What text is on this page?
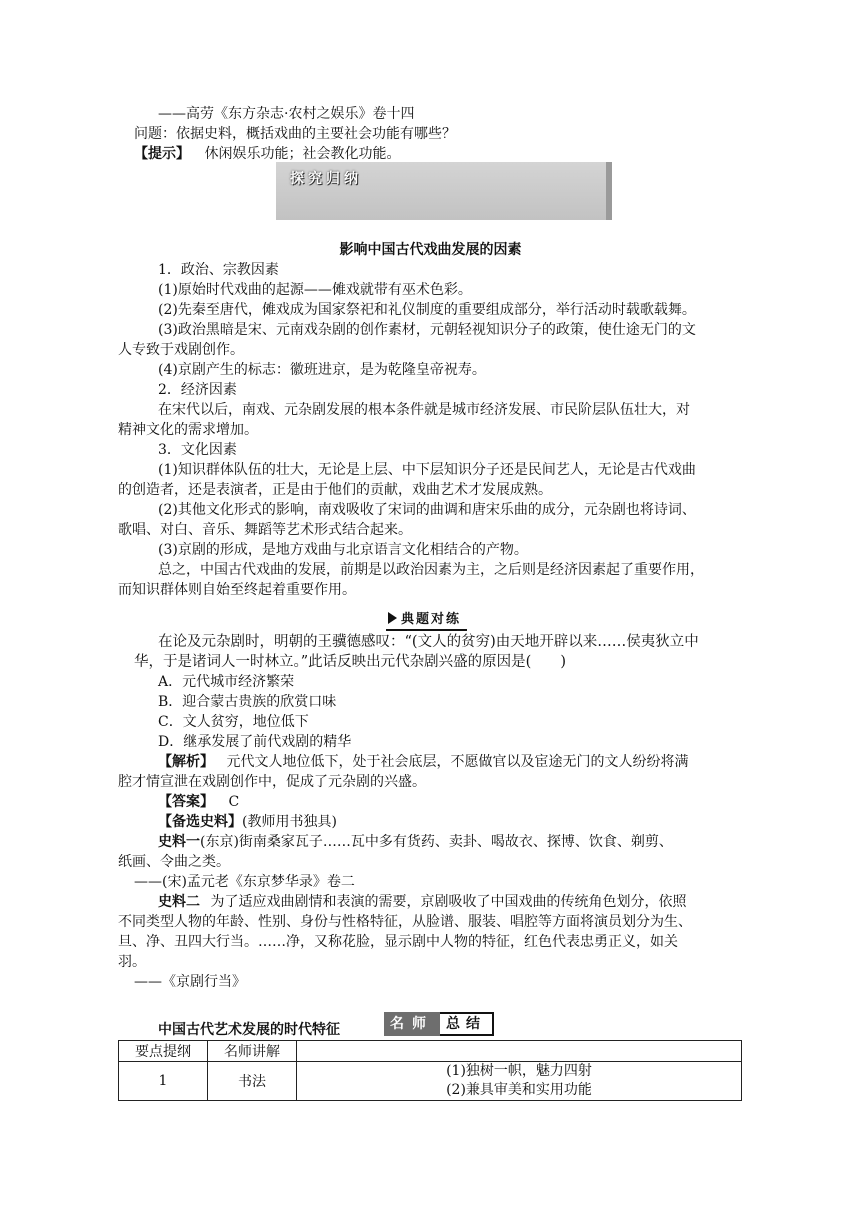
——高劳《东方杂志·农村之娱乐》卷十四
问题：依据史料，概括戏曲的主要社会功能有哪些？
【提示】 休闲娱乐功能；社会教化功能。
探究归纳
影响中国古代戏曲发展的因素
1．政治、宗教因素
(1)原始时代戏曲的起源——傩戏就带有巫术色彩。
(2)先秦至唐代，傩戏成为国家祭祀和礼仪制度的重要组成部分，举行活动时载歌载舞。
(3)政治黑暗是宋、元南戏杂剧的创作素材，元朝轻视知识分子的政策，使仕途无门的文
人专致于戏剧创作。
(4)京剧产生的标志：徽班进京，是为乾隆皇帝祝寿。
2．经济因素
在宋代以后，南戏、元杂剧发展的根本条件就是城市经济发展、市民阶层队伍壮大，对
精神文化的需求增加。
3．文化因素
(1)知识群体队伍的壮大，无论是上层、中下层知识分子还是民间艺人，无论是古代戏曲
的创造者，还是表演者，正是由于他们的贡献，戏曲艺术才发展成熟。
(2)其他文化形式的影响，南戏吸收了宋词的曲调和唐宋乐曲的成分，元杂剧也将诗词、
歌唱、对白、音乐、舞蹈等艺术形式结合起来。
(3)京剧的形成，是地方戏曲与北京语言文化相结合的产物。
总之，中国古代戏曲的发展，前期是以政治因素为主，之后则是经济因素起了重要作用，
而知识群体则自始至终起着重要作用。
典题对练
在论及元杂剧时，明朝的王骥德感叹：“(文人的贫穷)由天地开辟以来……侯夷狄立中
华，于是诸词人一时林立。”此话反映出元代杂剧兴盛的原因是(　　)
A．元代城市经济繁荣
B．迎合蒙古贵族的欣赏口味
C．文人贫穷，地位低下
D．继承发展了前代戏剧的精华
【解析】 元代文人地位低下，处于社会底层，不愿做官以及宦途无门的文人纷纷将满
腔才情宣泄在戏剧创作中，促成了元杂剧的兴盛。
【答案】 C
【备选史料】(教师用书独具)
史料一(东京)街南桑家瓦子……瓦中多有货药、卖卦、喝故衣、探博、饮食、剃剪、
纸画、令曲之类。
——(宋)孟元老《东京梦华录》卷二
史料二 为了适应戏曲剧情和表演的需要，京剧吸收了中国戏曲的传统角色划分，依照
不同类型人物的年龄、性别、身份与性格特征，从脸谱、服装、唱腔等方面将演员划分为生、
旦、净、丑四大行当。……净，又称花脸，显示剧中人物的特征，红色代表忠勇正义，如关
羽。
——《京剧行当》
名师 总结
中国古代艺术发展的时代特征
要点提纲	名师讲解	
1	书法	(1)独树一帜，魅力四射
(2)兼具审美和实用功能
